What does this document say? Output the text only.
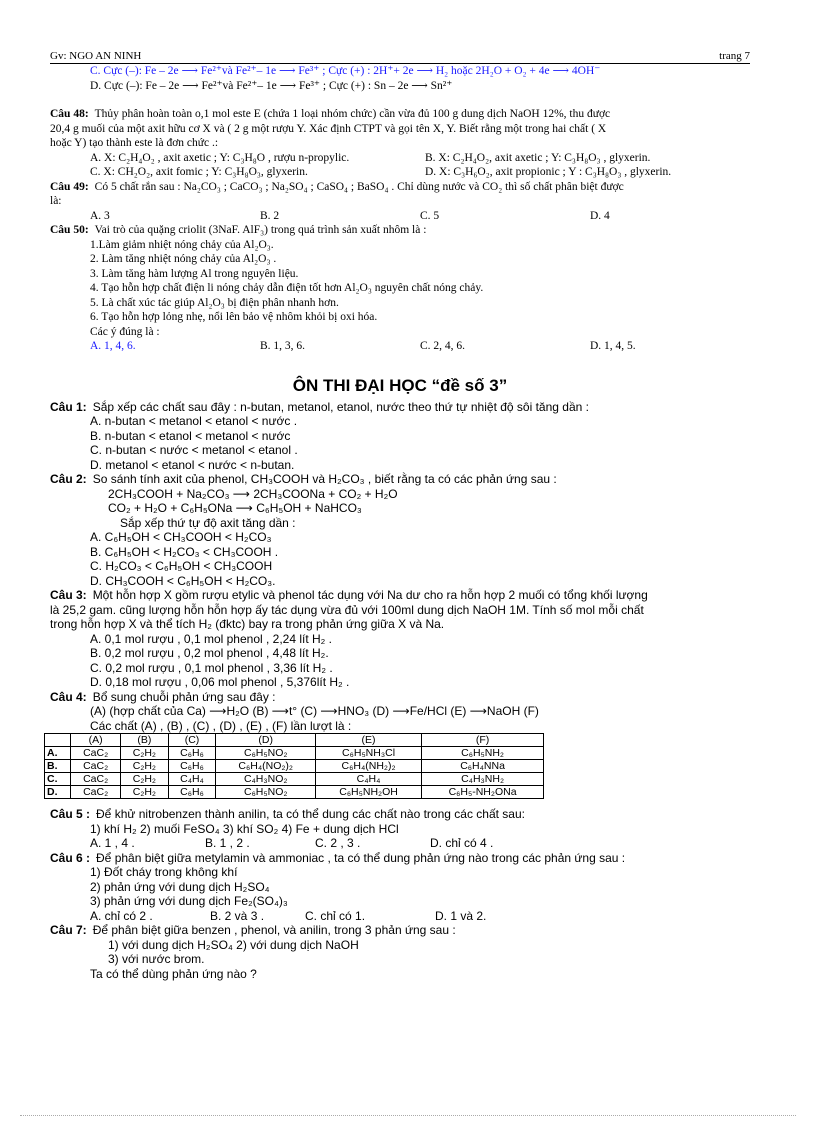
Gv: NGO AN NINH	trang 7
C. Cực (–): Fe – 2e ⟶ Fe²⁺và Fe²⁺– 1e ⟶ Fe³⁺ ; Cực (+) : 2H⁺+ 2e ⟶ H₂ hoặc 2H₂O + O₂ + 4e ⟶ 4OH⁻
D. Cực (–): Fe – 2e ⟶ Fe²⁺và Fe²⁺– 1e ⟶ Fe³⁺ ; Cực (+) : Sn – 2e ⟶ Sn²⁺
Câu 48: Thủy phân hoàn toàn o,1 mol este E (chứa 1 loại nhóm chức) cần vừa đủ 100 g dung dịch NaOH 12%, thu được
20,4 g muối của một axit hữu cơ X và ( 2 g một rượu Y. Xác định CTPT và gọi tên X, Y. Biết rằng một trong hai chất ( X
hoặc Y) tạo thành este là đơn chức .:
A. X: C₂H₄O₂ , axit axetic ; Y: C₃H₈O , rượu n-propylic.	B. X: C₂H₄O₂, axit axetic ; Y: C₃H₈O₃ , glyxerin.
C. X: CH₂O₂, axit fomic ; Y: C₃H₈O₃, glyxerin.	D. X: C₃H₆O₂, axit propionic ; Y : C₃H₈O₃ , glyxerin.
Câu 49: Có 5 chất rắn sau : Na₂CO₃ ; CaCO₃ ; Na₂SO₄ ; CaSO₄ ; BaSO₄ . Chỉ dùng nước và CO₂ thì số chất phân biệt được
là:
A. 3	B. 2	C. 5	D. 4
Câu 50: Vai trò của quặng criolit (3NaF. AlF₃) trong quá trình sản xuất nhôm là :
1.Làm giảm nhiệt nóng chảy của Al₂O₃.
2. Làm tăng nhiệt nóng chảy của Al₂O₃ .
3. Làm tăng hàm lượng Al trong nguyên liệu.
4. Tạo hỗn hợp chất điện li nóng chảy dẫn điện tốt hơn Al₂O₃ nguyên chất nóng chảy.
5. Là chất xúc tác giúp Al₂O₃ bị điện phân nhanh hơn.
6. Tạo hỗn hợp lỏng nhẹ, nổi lên bảo vệ nhôm khỏi bị oxi hóa.
Các ý đúng là :
A. 1, 4, 6.	B. 1, 3, 6.	C. 2, 4, 6.	D. 1, 4, 5.
ÔN THI ĐẠI HỌC “đề số 3”
Câu 1: Sắp xếp các chất sau đây : n-butan, metanol, etanol, nước theo thứ tự nhiệt độ sôi tăng dần :
A. n-butan < metanol < etanol < nước .
B. n-butan < etanol < metanol < nước
C. n-butan < nước < metanol < etanol .
D. metanol < etanol < nước < n-butan.
Câu 2: So sánh tính axit của phenol, CH₃COOH và H₂CO₃ , biết rằng ta có các phản ứng sau :
2CH₃COOH + Na₂CO₃ ⟶ 2CH₃COONa + CO₂ + H₂O
CO₂ + H₂O + C₆H₅ONa ⟶ C₆H₅OH + NaHCO₃
Sắp xếp thứ tự độ axit tăng dần :
A. C₆H₅OH < CH₃COOH < H₂CO₃
B. C₆H₅OH < H₂CO₃ < CH₃COOH .
C. H₂CO₃ < C₆H₅OH < CH₃COOH
D. CH₃COOH < C₆H₅OH < H₂CO₃.
Câu 3: Một hỗn hợp X gồm rượu etylic và phenol tác dụng với Na dư cho ra hỗn hợp 2 muối có tổng khối lượng
là 25,2 gam. cũng lượng hỗn hỗn hợp ấy tác dụng vừa đủ với 100ml dung dịch NaOH 1M. Tính số mol mỗi chất
trong hỗn hợp X và thể tích H₂ (đktc) bay ra trong phản ứng giữa X và Na.
A. 0,1 mol rượu , 0,1 mol phenol , 2,24 lít H₂ .
B. 0,2 mol rượu , 0,2 mol phenol , 4,48 lít H₂.
C. 0,2 mol rượu , 0,1 mol phenol , 3,36 lít H₂ .
D. 0,18 mol rượu , 0,06 mol phenol , 5,376lít H₂ .
Câu 4: Bổ sung chuỗi phản ứng sau đây :
(A) (hợp chất của Ca) ⟶H₂O (B) ⟶t° (C) ⟶HNO₃ (D) ⟶Fe/HCl (E) ⟶NaOH (F)
Các chất (A) , (B) , (C) , (D) , (E) , (F) lần lượt là :
	(A)	(B)	(C)	(D)	(E)	(F)
A.	CaC₂	C₂H₂	C₆H₆	C₆H₅NO₂	C₆H₅NH₃Cl	C₆H₅NH₂
B.	CaC₂	C₂H₂	C₆H₆	C₆H₄(NO₂)₂	C₆H₄(NH₂)₂	C₆H₄NNa
C.	CaC₂	C₂H₂	C₄H₄	C₄H₃NO₂	C₄H₄	C₄H₃NH₂
D.	CaC₂	C₂H₂	C₆H₆	C₆H₅NO₂	C₆H₅NH₂OH	C₆H₅-NH₂ONa
Câu 5 : Để khử nitrobenzen thành anilin, ta có thể dung các chất nào trong các chất sau:
1) khí H₂ 2) muối FeSO₄ 3) khí SO₂ 4) Fe + dung dịch HCl
A. 1 , 4 .	B. 1 , 2 .	C. 2 , 3 .	D. chỉ có 4 .
Câu 6 : Để phân biệt giữa metylamin và ammoniac , ta có thể dung phản ứng nào trong các phản ứng sau :
1) Đốt cháy trong không khí
2) phản ứng với dung dịch H₂SO₄
3) phản ứng với dung dịch Fe₂(SO₄)₃
A. chỉ có 2 .	B. 2 và 3 .	C. chỉ có 1.	D. 1 và 2.
Câu 7: Để phân biệt giữa benzen , phenol, và anilin, trong 3 phản ứng sau :
1) với dung dịch H₂SO₄ 2) với dung dịch NaOH
3) với nước brom.
Ta có thể dùng phản ứng nào ?
